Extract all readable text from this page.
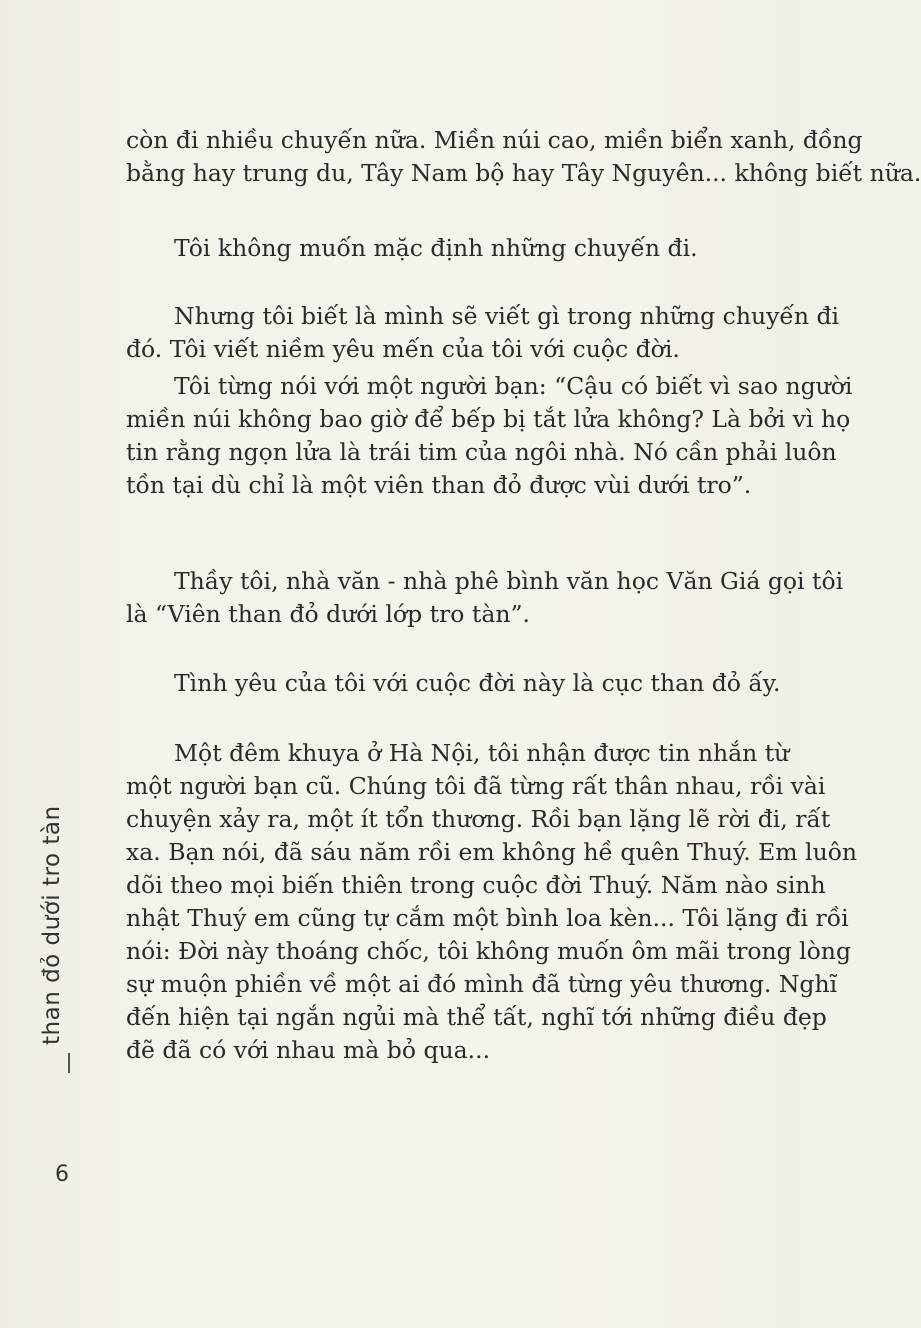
còn đi nhiều chuyến nữa. Miền núi cao, miền biển xanh, đồng
bằng hay trung du, Tây Nam bộ hay Tây Nguyên... không biết nữa.

Tôi không muốn mặc định những chuyến đi.

Nhưng tôi biết là mình sẽ viết gì trong những chuyến đi
đó. Tôi viết niềm yêu mến của tôi với cuộc đời.

Tôi từng nói với một người bạn: “Cậu có biết vì sao người
miền núi không bao giờ để bếp bị tắt lửa không? Là bởi vì họ
tin rằng ngọn lửa là trái tim của ngôi nhà. Nó cần phải luôn
tồn tại dù chỉ là một viên than đỏ được vùi dưới tro”.

Thầy tôi, nhà văn - nhà phê bình văn học Văn Giá gọi tôi
là “Viên than đỏ dưới lớp tro tàn”.

Tình yêu của tôi với cuộc đời này là cục than đỏ ấy.

Một đêm khuya ở Hà Nội, tôi nhận được tin nhắn từ
một người bạn cũ. Chúng tôi đã từng rất thân nhau, rồi vài
chuyện xảy ra, một ít tổn thương. Rồi bạn lặng lẽ rời đi, rất
xa. Bạn nói, đã sáu năm rồi em không hề quên Thuý. Em luôn
dõi theo mọi biến thiên trong cuộc đời Thuý. Năm nào sinh
nhật Thuý em cũng tự cắm một bình loa kèn... Tôi lặng đi rồi
nói: Đời này thoáng chốc, tôi không muốn ôm mãi trong lòng
sự muộn phiền về một ai đó mình đã từng yêu thương. Nghĩ
đến hiện tại ngắn ngủi mà thể tất, nghĩ tới những điều đẹp
đẽ đã có với nhau mà bỏ qua...

than đỏ dưới tro tàn
6
